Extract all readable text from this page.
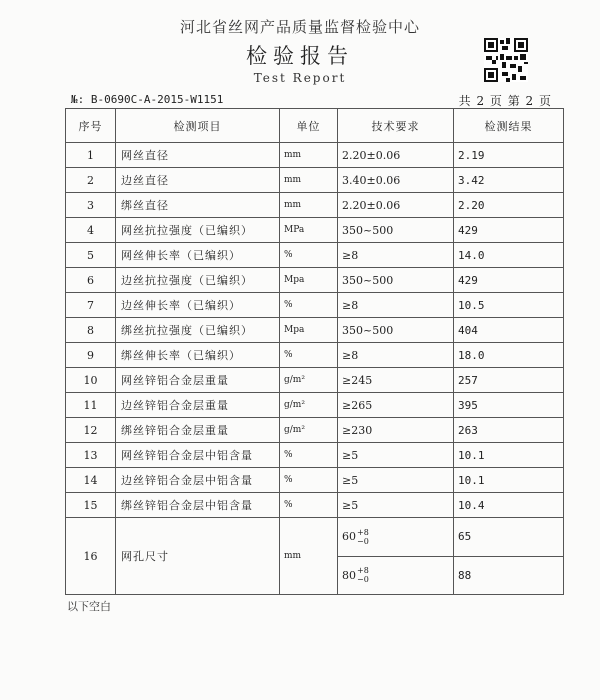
河北省丝网产品质量监督检验中心
检验报告
Test Report
№: B-0690C-A-2015-W1151	共 2 页 第 2 页
序号	检测项目	单位	技术要求	检测结果
1	网丝直径	mm	2.20±0.06	2.19
2	边丝直径	mm	3.40±0.06	3.42
3	绑丝直径	mm	2.20±0.06	2.20
4	网丝抗拉强度（已编织）	MPa	350~500	429
5	网丝伸长率（已编织）	%	≥8	14.0
6	边丝抗拉强度（已编织）	Mpa	350~500	429
7	边丝伸长率（已编织）	%	≥8	10.5
8	绑丝抗拉强度（已编织）	Mpa	350~500	404
9	绑丝伸长率（已编织）	%	≥8	18.0
10	网丝锌铝合金层重量	g/m²	≥245	257
11	边丝锌铝合金层重量	g/m²	≥265	395
12	绑丝锌铝合金层重量	g/m²	≥230	263
13	网丝锌铝合金层中铝含量	%	≥5	10.1
14	边丝锌铝合金层中铝含量	%	≥5	10.1
15	绑丝锌铝合金层中铝含量	%	≥5	10.4
16	网孔尺寸	mm	60 +8
−0	65

			80 +8
−0	88
以下空白
